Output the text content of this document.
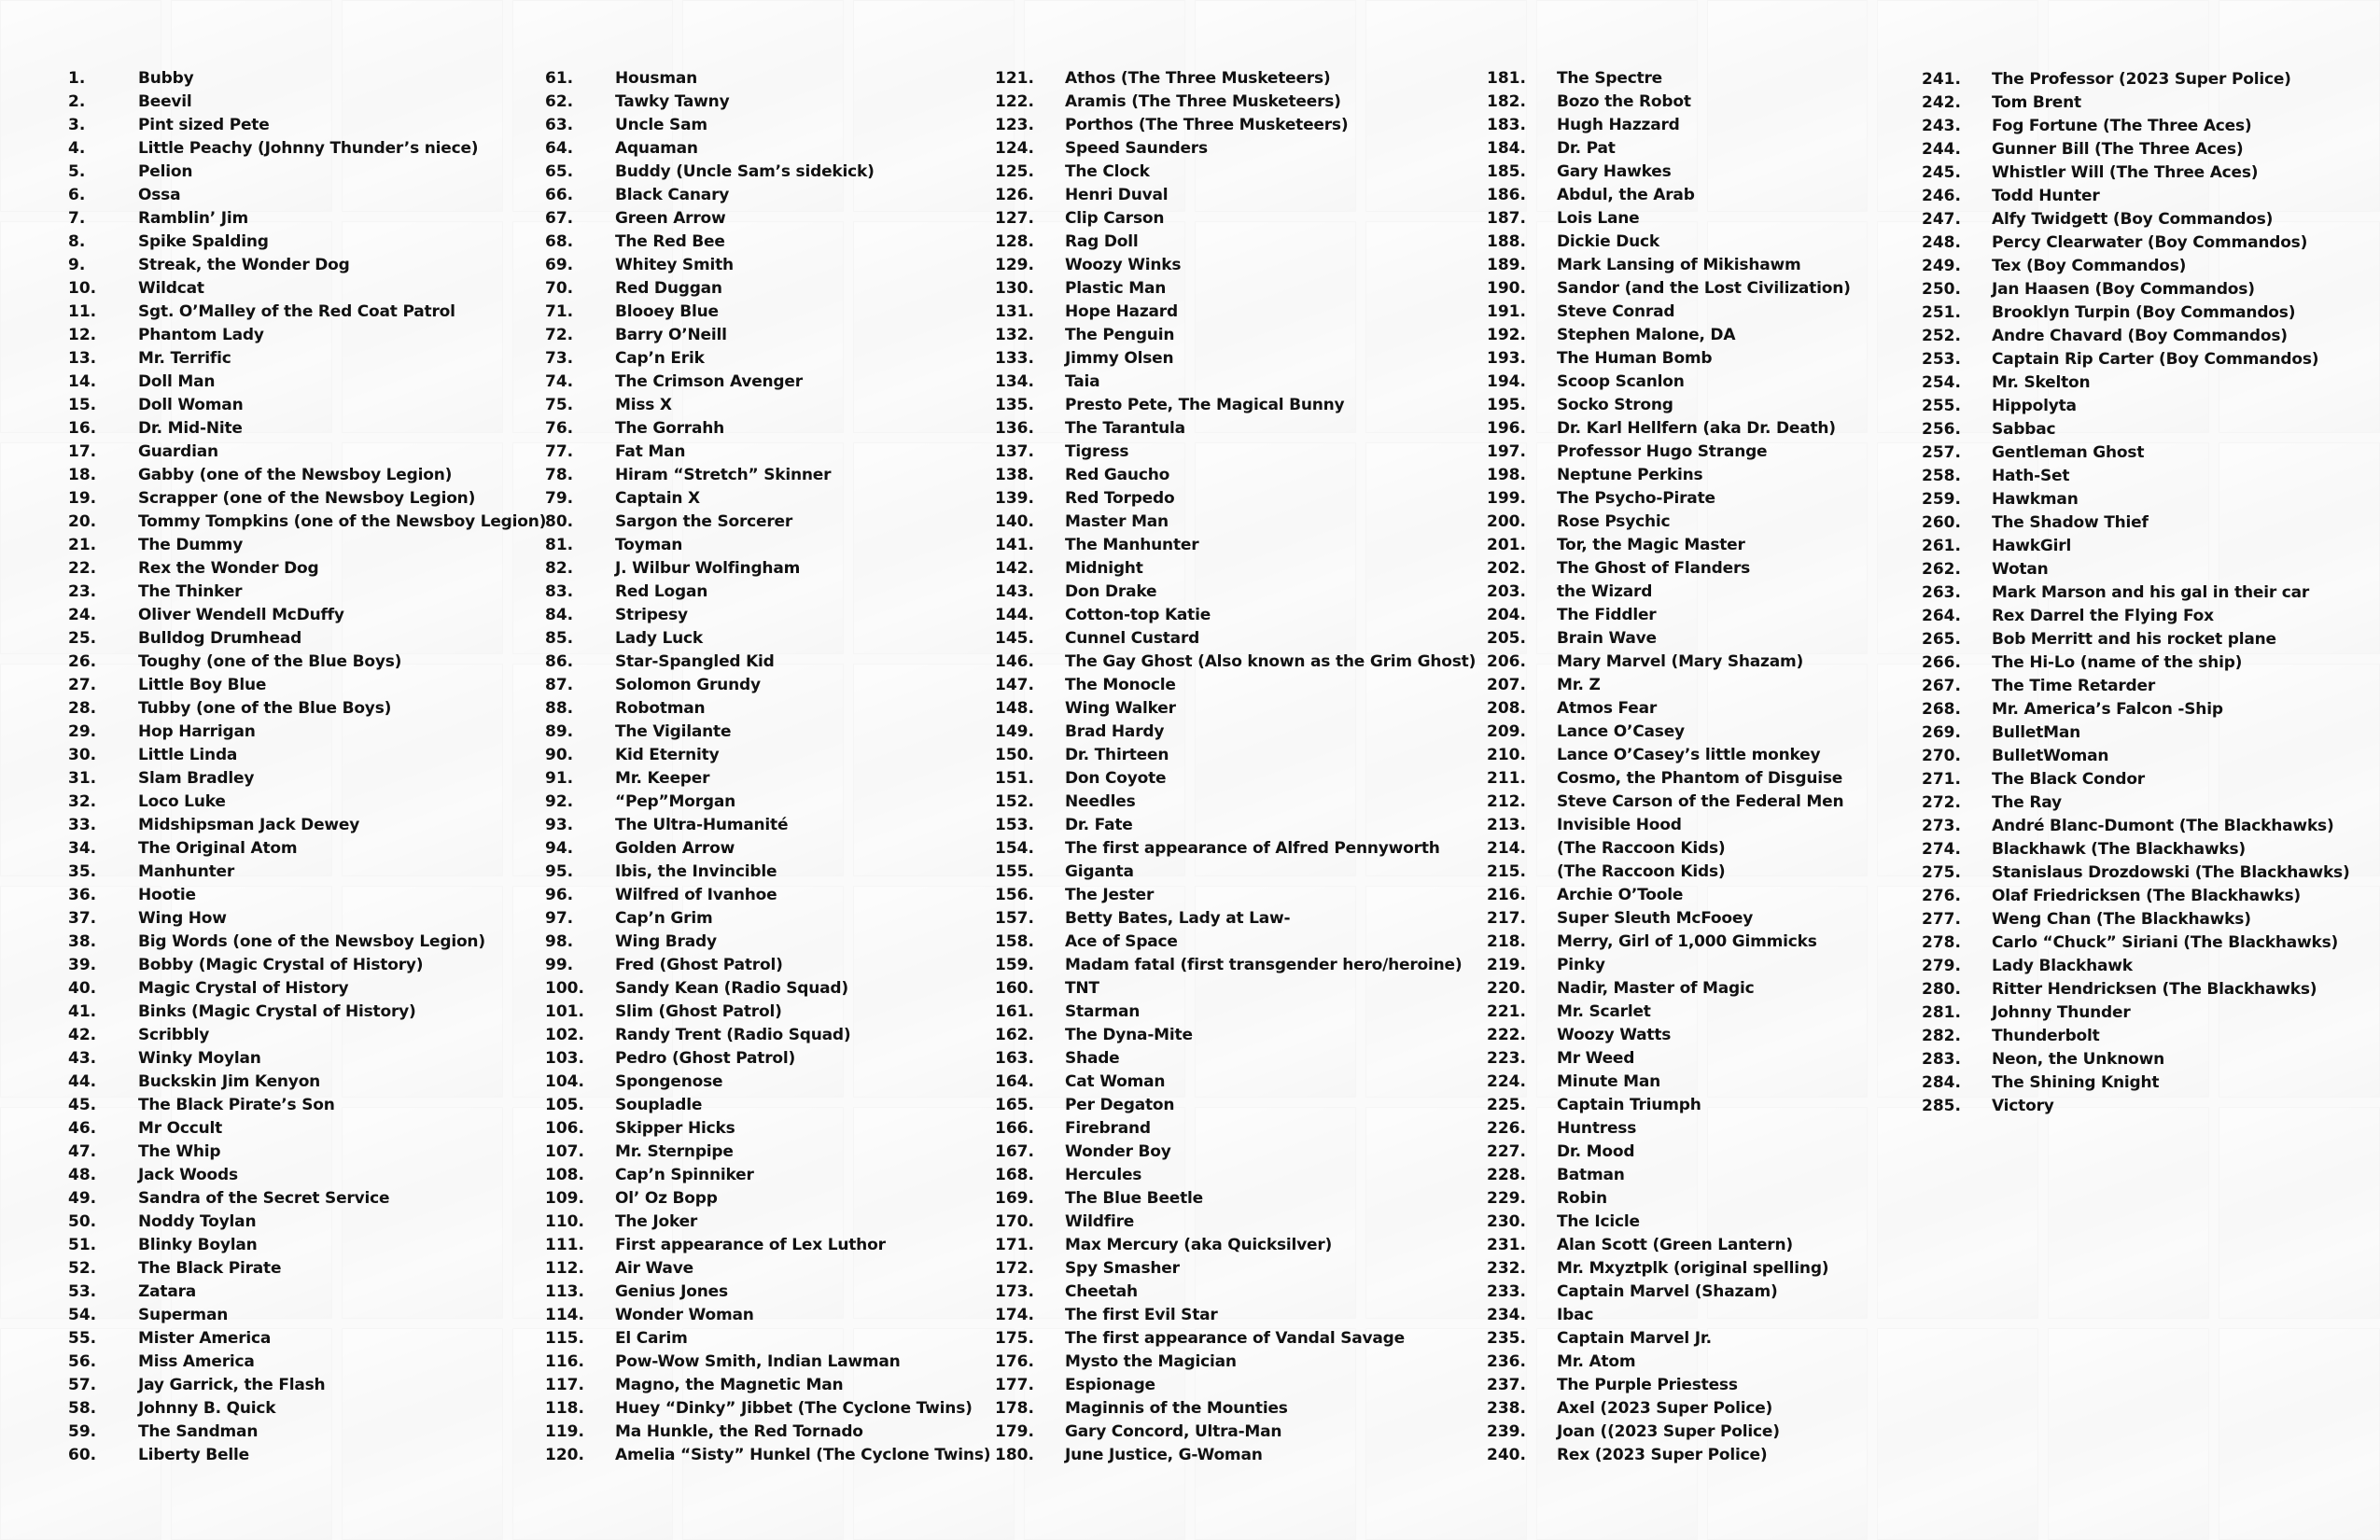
1.	Bubby
2.	Beevil
3.	Pint sized Pete
4.	Little Peachy (Johnny Thunder’s niece)
5.	Pelion
6.	Ossa
7.	Ramblin’ Jim
8.	Spike Spalding
9.	Streak, the Wonder Dog
10.	Wildcat
11.	Sgt. O’Malley of the Red Coat Patrol
12.	Phantom Lady
13.	Mr. Terrific
14.	Doll Man
15.	Doll Woman
16.	Dr. Mid-Nite
17.	Guardian
18.	Gabby (one of the Newsboy Legion)
19.	Scrapper (one of the Newsboy Legion)
20.	Tommy Tompkins (one of the Newsboy Legion)
21.	The Dummy
22.	Rex the Wonder Dog
23.	The Thinker
24.	Oliver Wendell McDuffy
25.	Bulldog Drumhead
26.	Toughy (one of the Blue Boys)
27.	Little Boy Blue
28.	Tubby (one of the Blue Boys)
29.	Hop Harrigan
30.	Little Linda
31.	Slam Bradley
32.	Loco Luke
33.	Midshipsman Jack Dewey
34.	The Original Atom
35.	Manhunter
36.	Hootie
37.	Wing How
38.	Big Words (one of the Newsboy Legion)
39.	Bobby (Magic Crystal of History)
40.	Magic Crystal of History
41.	Binks (Magic Crystal of History)
42.	Scribbly
43.	Winky Moylan
44.	Buckskin Jim Kenyon
45.	The Black Pirate’s Son
46.	Mr Occult
47.	The Whip
48.	Jack Woods
49.	Sandra of the Secret Service
50.	Noddy Toylan
51.	Blinky Boylan
52.	The Black Pirate
53.	Zatara
54.	Superman
55.	Mister America
56.	Miss America
57.	Jay Garrick, the Flash
58.	Johnny B. Quick
59.	The Sandman
60.	Liberty Belle
61.	Housman
62.	Tawky Tawny
63.	Uncle Sam
64.	Aquaman
65.	Buddy (Uncle Sam’s sidekick)
66.	Black Canary
67.	Green Arrow
68.	The Red Bee
69.	Whitey Smith
70.	Red Duggan
71.	Blooey Blue
72.	Barry O’Neill
73.	Cap’n Erik
74.	The Crimson Avenger
75.	Miss X
76.	The Gorrahh
77.	Fat Man
78.	Hiram “Stretch” Skinner
79.	Captain X
80.	Sargon the Sorcerer
81.	Toyman
82.	J. Wilbur Wolfingham
83.	Red Logan
84.	Stripesy
85.	Lady Luck
86.	Star-Spangled Kid
87.	Solomon Grundy
88.	Robotman
89.	The Vigilante
90.	Kid Eternity
91.	Mr. Keeper
92.	“Pep”Morgan
93.	The Ultra-Humanité
94.	Golden Arrow
95.	Ibis, the Invincible
96.	Wilfred of Ivanhoe
97.	Cap’n Grim
98.	Wing Brady
99.	Fred (Ghost Patrol)
100.	Sandy Kean (Radio Squad)
101.	Slim (Ghost Patrol)
102.	Randy Trent (Radio Squad)
103.	Pedro (Ghost Patrol)
104.	Spongenose
105.	Soupladle
106.	Skipper Hicks
107.	Mr. Sternpipe
108.	Cap’n Spinniker
109.	Ol’ Oz Bopp
110.	The Joker
111.	First appearance of Lex Luthor
112.	Air Wave
113.	Genius Jones
114.	Wonder Woman
115.	El Carim
116.	Pow-Wow Smith, Indian Lawman
117.	Magno, the Magnetic Man
118.	Huey “Dinky” Jibbet (The Cyclone Twins)
119.	Ma Hunkle, the Red Tornado
120.	Amelia “Sisty” Hunkel (The Cyclone Twins)
121.	Athos (The Three Musketeers)
122.	Aramis (The Three Musketeers)
123.	Porthos (The Three Musketeers)
124.	Speed Saunders
125.	The Clock
126.	Henri Duval
127.	Clip Carson
128.	Rag Doll
129.	Woozy Winks
130.	Plastic Man
131.	Hope Hazard
132.	The Penguin
133.	Jimmy Olsen
134.	Taia
135.	Presto Pete, The Magical Bunny
136.	The Tarantula
137.	Tigress
138.	Red Gaucho
139.	Red Torpedo
140.	Master Man
141.	The Manhunter
142.	Midnight
143.	Don Drake
144.	Cotton-top Katie
145.	Cunnel Custard
146.	The Gay Ghost (Also known as the Grim Ghost)
147.	The Monocle
148.	Wing Walker
149.	Brad Hardy
150.	Dr. Thirteen
151.	Don Coyote
152.	Needles
153.	Dr. Fate
154.	The first appearance of Alfred Pennyworth
155.	Giganta
156.	The Jester
157.	Betty Bates, Lady at Law-
158.	Ace of Space
159.	Madam fatal (first transgender hero/heroine)
160.	TNT
161.	Starman
162.	The Dyna-Mite
163.	Shade
164.	Cat Woman
165.	Per Degaton
166.	Firebrand
167.	Wonder Boy
168.	Hercules
169.	The Blue Beetle
170.	Wildfire
171.	Max Mercury (aka Quicksilver)
172.	Spy Smasher
173.	Cheetah
174.	The first Evil Star
175.	The first appearance of Vandal Savage
176.	Mysto the Magician
177.	Espionage
178.	Maginnis of the Mounties
179.	Gary Concord, Ultra-Man
180.	June Justice, G-Woman
181.	The Spectre
182.	Bozo the Robot
183.	Hugh Hazzard
184.	Dr. Pat
185.	Gary Hawkes
186.	Abdul, the Arab
187.	Lois Lane
188.	Dickie Duck
189.	Mark Lansing of Mikishawm
190.	Sandor (and the Lost Civilization)
191.	Steve Conrad
192.	Stephen Malone, DA
193.	The Human Bomb
194.	Scoop Scanlon
195.	Socko Strong
196.	Dr. Karl Hellfern (aka Dr. Death)
197.	Professor Hugo Strange
198.	Neptune Perkins
199.	The Psycho-Pirate
200.	Rose Psychic
201.	Tor, the Magic Master
202.	The Ghost of Flanders
203.	the Wizard
204.	The Fiddler
205.	Brain Wave
206.	Mary Marvel (Mary Shazam)
207.	Mr. Z
208.	Atmos Fear
209.	Lance O’Casey
210.	Lance O’Casey’s little monkey
211.	Cosmo, the Phantom of Disguise
212.	Steve Carson of the Federal Men
213.	Invisible Hood
214.	(The Raccoon Kids)
215.	(The Raccoon Kids)
216.	Archie O’Toole
217.	Super Sleuth McFooey
218.	Merry, Girl of 1,000 Gimmicks
219.	Pinky
220.	Nadir, Master of Magic
221.	Mr. Scarlet
222.	Woozy Watts
223.	Mr Weed
224.	Minute Man
225.	Captain Triumph
226.	Huntress
227.	Dr. Mood
228.	Batman
229.	Robin
230.	The Icicle
231.	Alan Scott (Green Lantern)
232.	Mr. Mxyztplk (original spelling)
233.	Captain Marvel (Shazam)
234.	Ibac
235.	Captain Marvel Jr.
236.	Mr. Atom
237.	The Purple Priestess
238.	Axel (2023 Super Police)
239.	Joan ((2023 Super Police)
240.	Rex (2023 Super Police)
241.	The Professor (2023 Super Police)
242.	Tom Brent
243.	Fog Fortune (The Three Aces)
244.	Gunner Bill (The Three Aces)
245.	Whistler Will (The Three Aces)
246.	Todd Hunter
247.	Alfy Twidgett (Boy Commandos)
248.	Percy Clearwater (Boy Commandos)
249.	Tex (Boy Commandos)
250.	Jan Haasen (Boy Commandos)
251.	Brooklyn Turpin (Boy Commandos)
252.	Andre Chavard (Boy Commandos)
253.	Captain Rip Carter (Boy Commandos)
254.	Mr. Skelton
255.	Hippolyta
256.	Sabbac
257.	Gentleman Ghost
258.	Hath-Set
259.	Hawkman
260.	The Shadow Thief
261.	HawkGirl
262.	Wotan
263.	Mark Marson and his gal in their car
264.	Rex Darrel the Flying Fox
265.	Bob Merritt and his rocket plane
266.	The Hi-Lo (name of the ship)
267.	The Time Retarder
268.	Mr. America’s Falcon -Ship
269.	BulletMan
270.	BulletWoman
271.	The Black Condor
272.	The Ray
273.	André Blanc-Dumont (The Blackhawks)
274.	Blackhawk (The Blackhawks)
275.	Stanislaus Drozdowski (The Blackhawks)
276.	Olaf Friedricksen (The Blackhawks)
277.	Weng Chan (The Blackhawks)
278.	Carlo “Chuck” Siriani (The Blackhawks)
279.	Lady Blackhawk
280.	Ritter Hendricksen (The Blackhawks)
281.	Johnny Thunder
282.	Thunderbolt
283.	Neon, the Unknown
284.	The Shining Knight
285.	Victory
